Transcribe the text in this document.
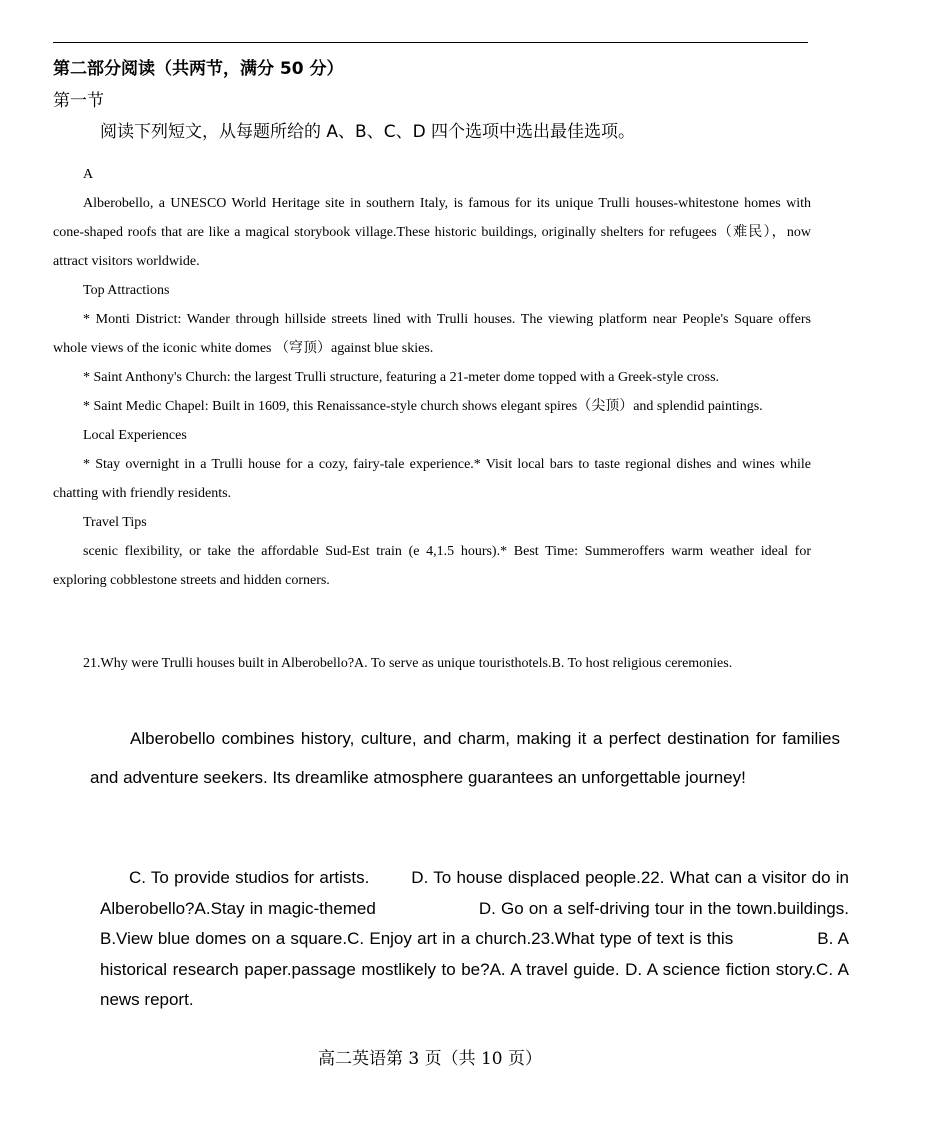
第二部分阅读（共两节，满分 50 分）
第一节
阅读下列短文，从每题所给的 A、B、C、D 四个选项中选出最佳选项。

A

Alberobello, a UNESCO World Heritage site in southern Italy, is famous for its unique Trulli houses-whitestone homes with cone-shaped roofs that are like a magical storybook village.These historic buildings, originally shelters for refugees（难民），now attract visitors worldwide.

Top Attractions

* Monti District: Wander through hillside streets lined with Trulli houses. The viewing platform near People's Square offers whole views of the iconic white domes （穹顶）against blue skies.

* Saint Anthony's Church: the largest Trulli structure, featuring a 21-meter dome topped with a Greek-style cross.

* Saint Medic Chapel: Built in 1609, this Renaissance-style church shows elegant spires（尖顶）and splendid paintings.

Local Experiences

* Stay overnight in a Trulli house for a cozy, fairy-tale experience.* Visit local bars to taste regional dishes and wines while chatting with friendly residents.

Travel Tips

scenic flexibility, or take the affordable Sud-Est train (e 4,1.5 hours).* Best Time: Summeroffers warm weather ideal for exploring cobblestone streets and hidden corners.

21.Why were Trulli houses built in Alberobello?A. To serve as unique touristhotels.B. To host religious ceremonies.

Alberobello combines history, culture, and charm, making it a perfect destination for families and adventure seekers. Its dreamlike atmosphere guarantees an unforgettable journey!

C. To provide studios for artists.        D. To house displaced people.22. What can a visitor do in Alberobello?A.Stay in magic-themed                    D. Go on a self-driving tour in the town.buildings.    B.View blue domes on a square.C. Enjoy art in a church.23.What type of text is this                B. A historical research paper.passage mostlikely to be?A. A travel guide. D. A science fiction story.C. A news report.

高二英语第 3 页（共 10 页）
